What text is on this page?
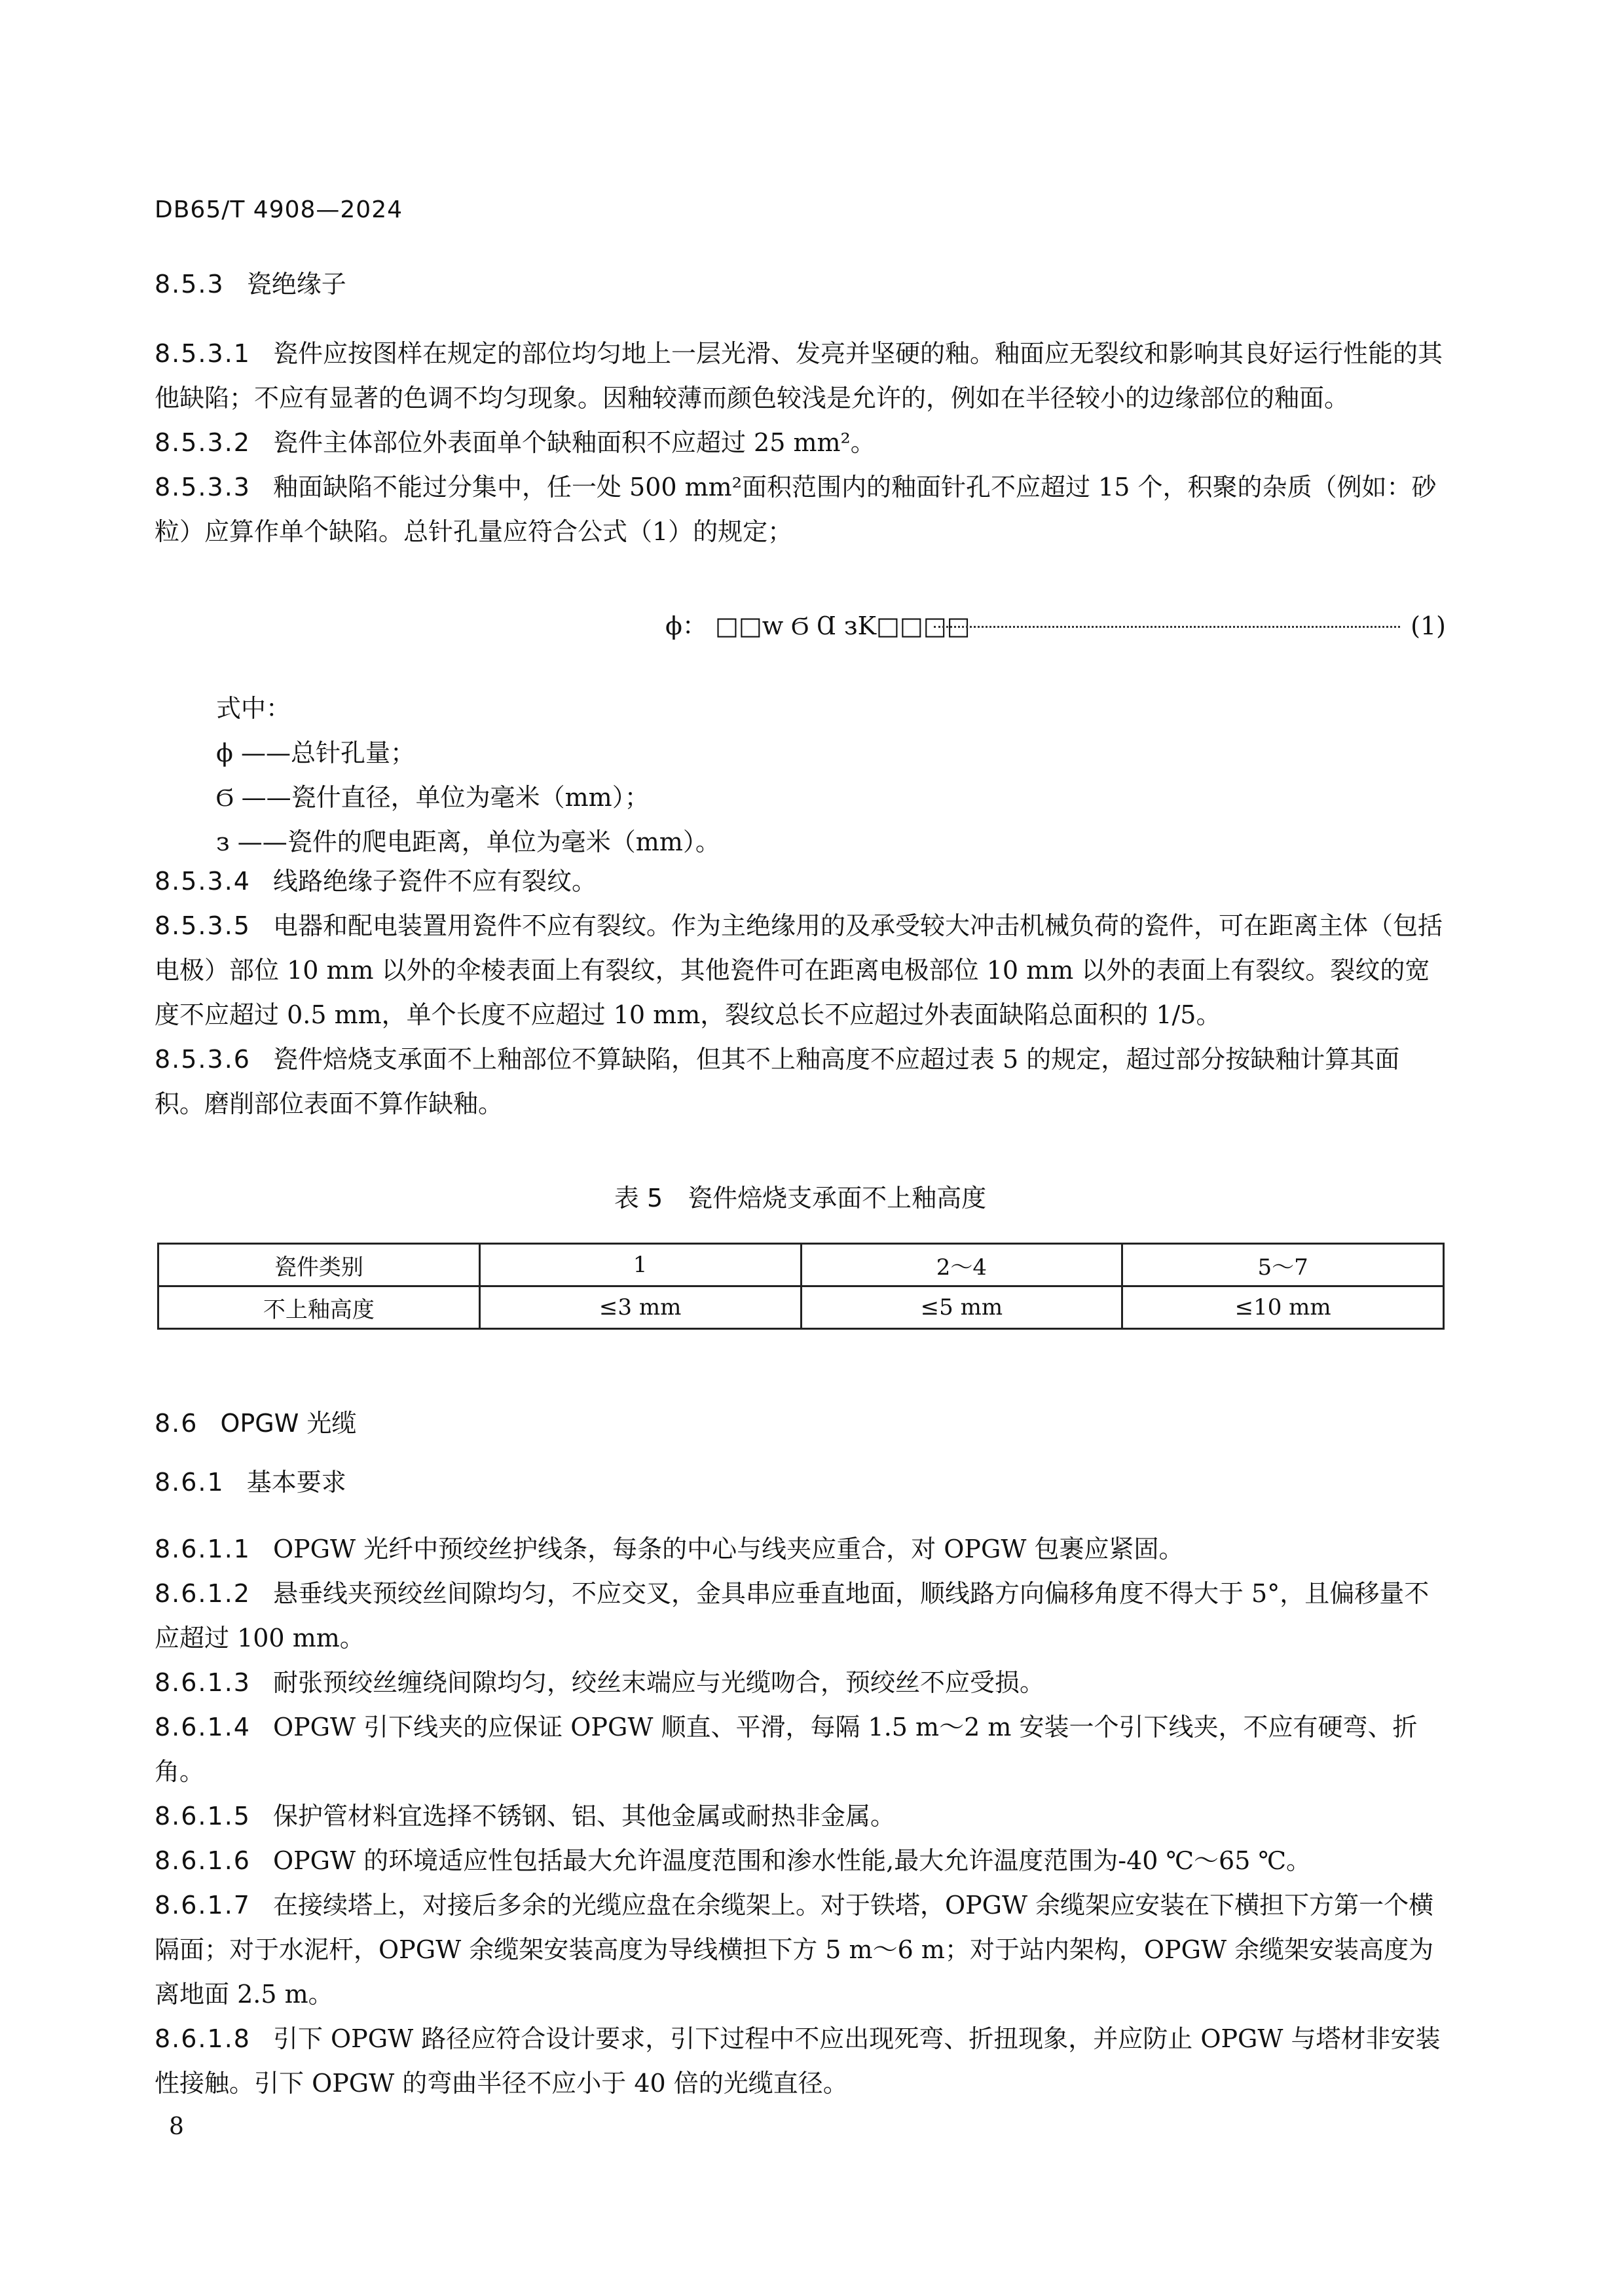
DB65/T 4908—2024
8.5.3 瓷绝缘子

8.5.3.1 瓷件应按图样在规定的部位均匀地上一层光滑、发亮并坚硬的釉。釉面应无裂纹和影响其良好运行性能的其他缺陷；不应有显著的色调不均匀现象。因釉较薄而颜色较浅是允许的，例如在半径较小的边缘部位的釉面。

8.5.3.2 瓷件主体部位外表面单个缺釉面积不应超过 25 mm²。

8.5.3.3 釉面缺陷不能过分集中，任一处 500 mm²面积范围内的釉面针孔不应超过 15 个，积聚的杂质（例如：砂粒）应算作单个缺陷。总针孔量应符合公式（1）的规定；

ϕ： □□w Ϭ Ɑ зK□□□□	(1)
式中：
ϕ ——总针孔量；
Ϭ ——瓷什直径，单位为毫米（mm）；
з ——瓷件的爬电距离，单位为毫米（mm）。

8.5.3.4 线路绝缘子瓷件不应有裂纹。

8.5.3.5 电器和配电装置用瓷件不应有裂纹。作为主绝缘用的及承受较大冲击机械负荷的瓷件，可在距离主体（包括电极）部位 10 mm 以外的伞棱表面上有裂纹，其他瓷件可在距离电极部位 10 mm 以外的表面上有裂纹。裂纹的宽度不应超过 0.5 mm，单个长度不应超过 10 mm，裂纹总长不应超过外表面缺陷总面积的 1/5。

8.5.3.6 瓷件焙烧支承面不上釉部位不算缺陷，但其不上釉高度不应超过表 5 的规定，超过部分按缺釉计算其面积。磨削部位表面不算作缺釉。

表 5　瓷件焙烧支承面不上釉高度
瓷件类别	1	2～4	5～7
不上釉高度	≤3 mm	≤5 mm	≤10 mm
8.6 OPGW 光缆
8.6.1 基本要求

8.6.1.1 OPGW 光纤中预绞丝护线条，每条的中心与线夹应重合，对 OPGW 包裹应紧固。

8.6.1.2 悬垂线夹预绞丝间隙均匀，不应交叉，金具串应垂直地面，顺线路方向偏移角度不得大于 5°，且偏移量不应超过 100 mm。

8.6.1.3 耐张预绞丝缠绕间隙均匀，绞丝末端应与光缆吻合，预绞丝不应受损。

8.6.1.4 OPGW 引下线夹的应保证 OPGW 顺直、平滑，每隔 1.5 m～2 m 安装一个引下线夹，不应有硬弯、折角。

8.6.1.5 保护管材料宜选择不锈钢、铝、其他金属或耐热非金属。

8.6.1.6 OPGW 的环境适应性包括最大允许温度范围和渗水性能,最大允许温度范围为-40 ℃～65 ℃。

8.6.1.7 在接续塔上，对接后多余的光缆应盘在余缆架上。对于铁塔，OPGW 余缆架应安装在下横担下方第一个横隔面；对于水泥杆，OPGW 余缆架安装高度为导线横担下方 5 m～6 m；对于站内架构，OPGW 余缆架安装高度为离地面 2.5 m。

8.6.1.8 引下 OPGW 路径应符合设计要求，引下过程中不应出现死弯、折扭现象，并应防止 OPGW 与塔材非安装性接触。引下 OPGW 的弯曲半径不应小于 40 倍的光缆直径。

8
